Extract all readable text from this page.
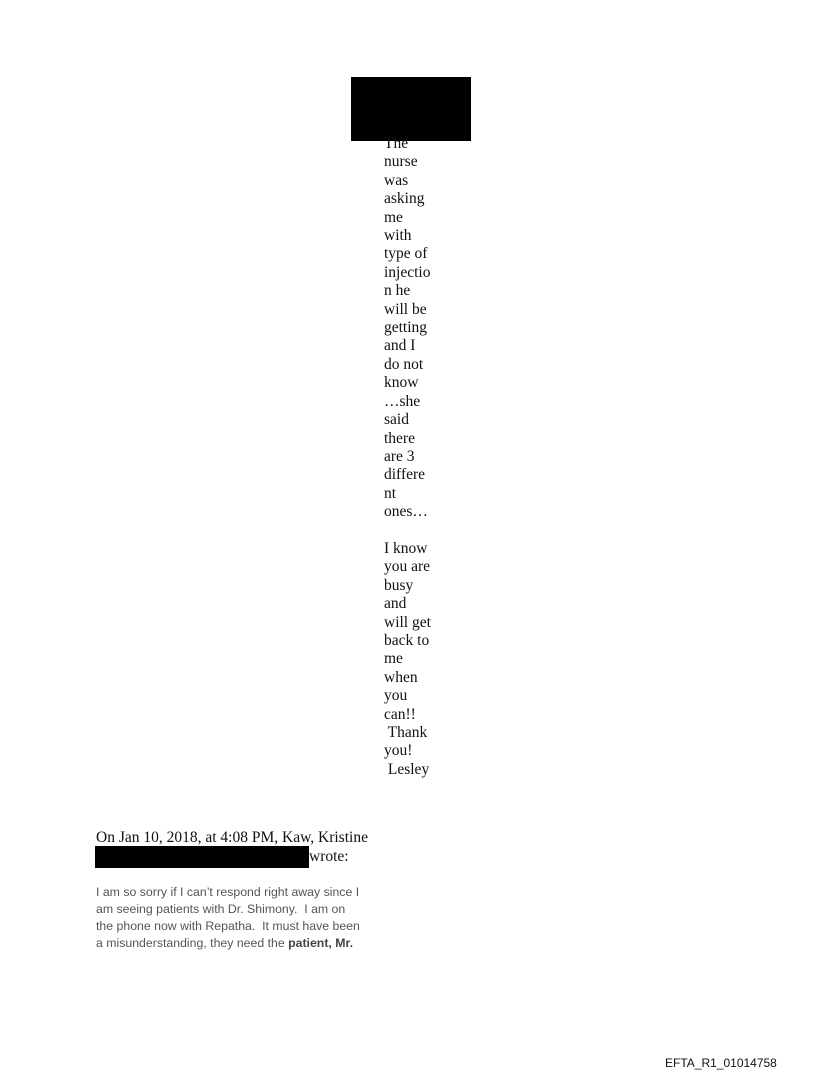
The
nurse
was
asking
me
with
type of
injectio
n he
will be
getting
and I
do not
know
…she
said
there
are 3
differe
nt
ones…
I know
you are
busy
and
will get
back to
me
when
you
can!!
Thank
you!
Lesley
On Jan 10, 2018, at 4:08 PM, Kaw, Kristine
wrote:
I am so sorry if I can’t respond right away since I
am seeing patients with Dr. Shimony.  I am on
the phone now with Repatha.  It must have been
a misunderstanding, they need the patient, Mr.
EFTA_R1_01014758
